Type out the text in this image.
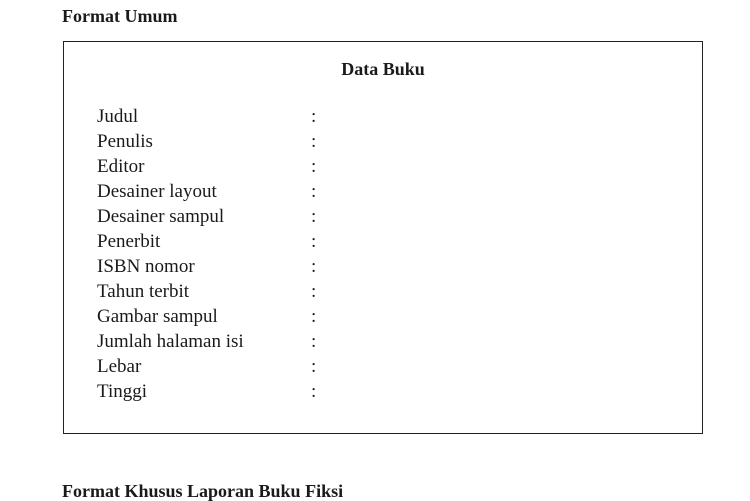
Format Umum
Data Buku
Judul	:
Penulis	:
Editor	:
Desainer layout	:
Desainer sampul	:
Penerbit	:
ISBN nomor	:
Tahun terbit	:
Gambar sampul	:
Jumlah halaman isi	:
Lebar	:
Tinggi	:
Format Khusus Laporan Buku Fiksi
